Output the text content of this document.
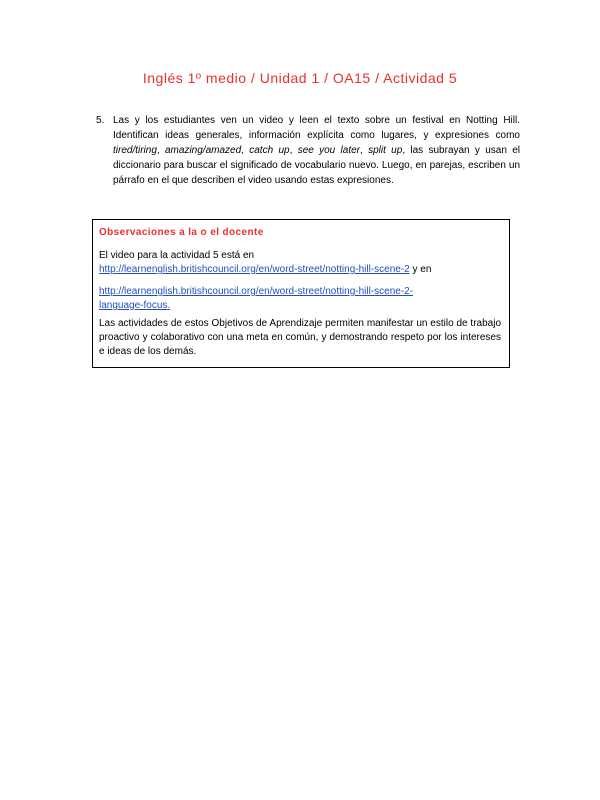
Inglés 1º medio / Unidad 1 / OA15 / Actividad 5
5. Las y los estudiantes ven un video y leen el texto sobre un festival en Notting Hill. Identifican ideas generales, información explícita como lugares, y expresiones como tired/tiring, amazing/amazed, catch up, see you later, split up, las subrayan y usan el diccionario para buscar el significado de vocabulario nuevo. Luego, en parejas, escriben un párrafo en el que describen el video usando estas expresiones.
Observaciones a la o el docente

El video para la actividad 5 está en

http://learnenglish.britishcouncil.org/en/word-street/notting-hill-scene-2 y en

http://learnenglish.britishcouncil.org/en/word-street/notting-hill-scene-2-
language-focus.

Las actividades de estos Objetivos de Aprendizaje permiten manifestar un estilo de trabajo proactivo y colaborativo con una meta en común, y demostrando respeto por los intereses e ideas de los demás.
